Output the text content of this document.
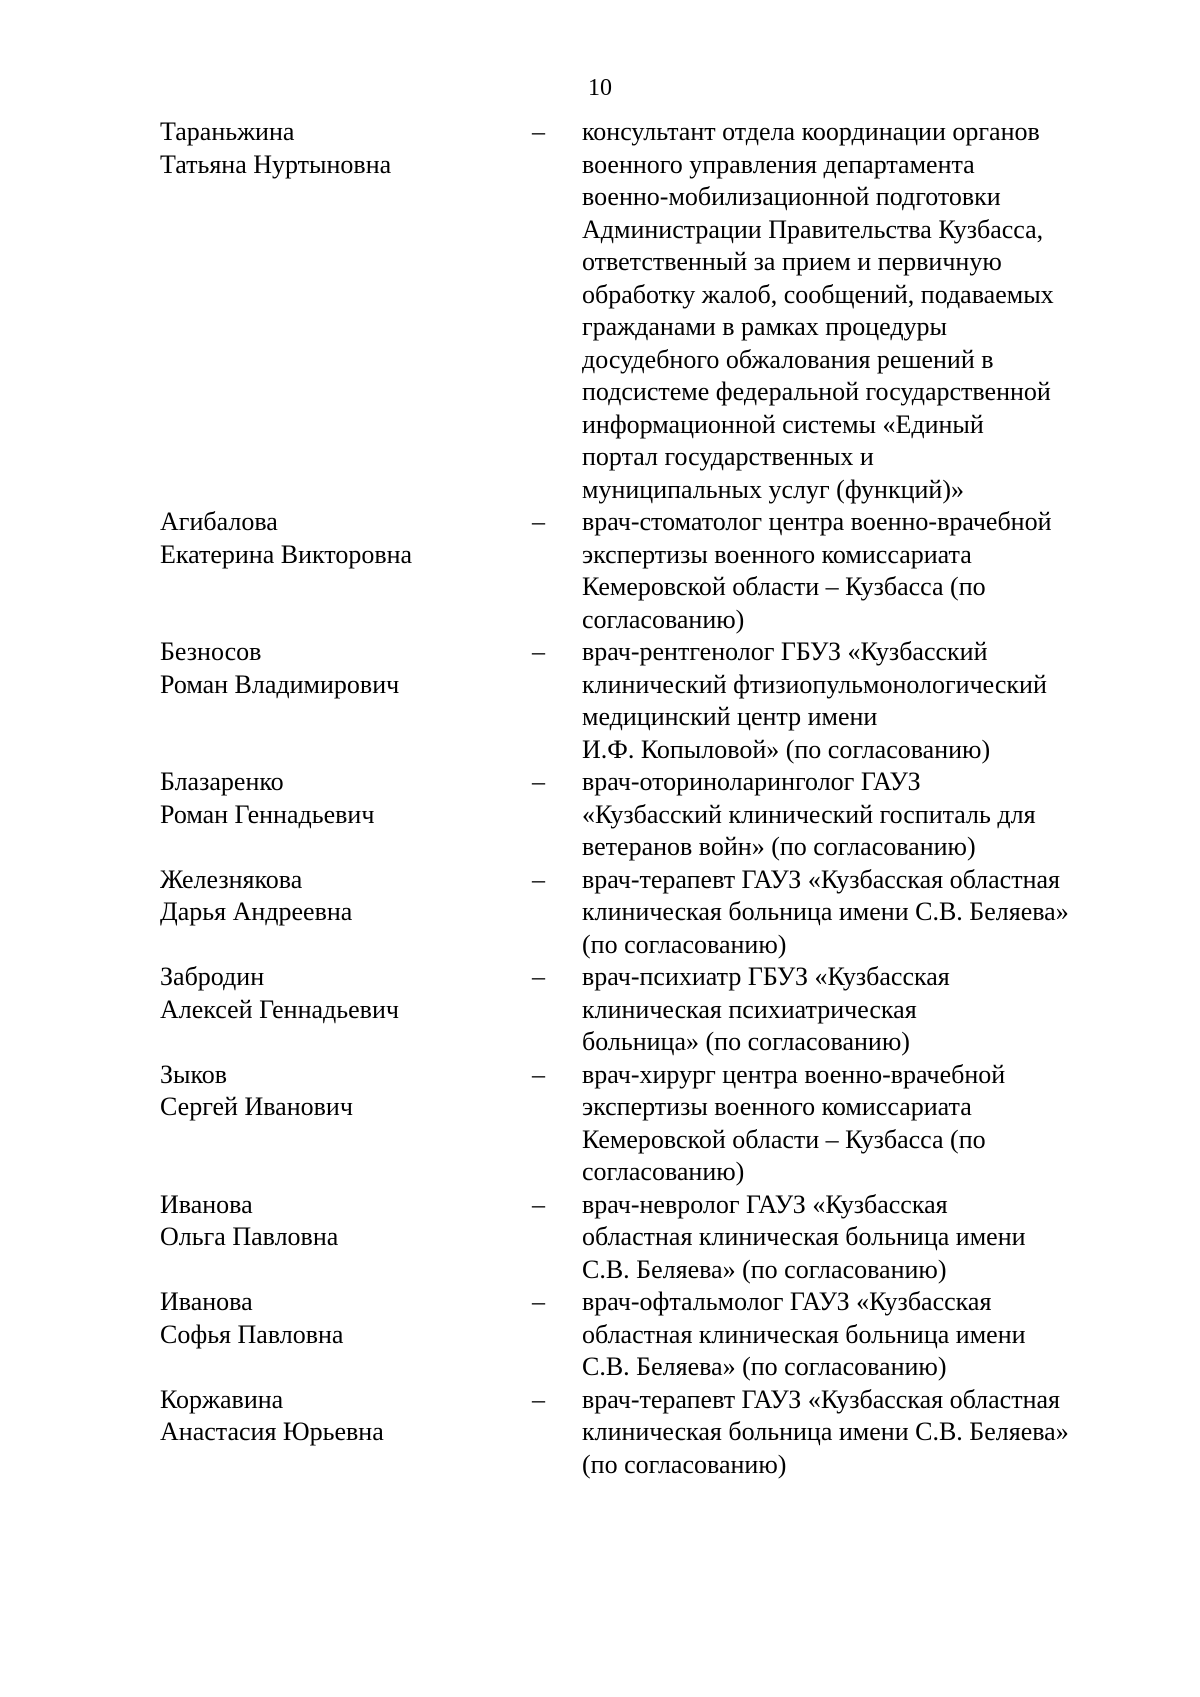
10
Тараньжина
Татьяна Нуртыновна
–	консультант отдела координации органов
военного управления департамента
военно-мобилизационной подготовки
Администрации Правительства Кузбасса,
ответственный за прием и первичную
обработку жалоб, сообщений, подаваемых
гражданами в рамках процедуры
досудебного обжалования решений в
подсистеме федеральной государственной
информационной системы «Единый
портал государственных и
муниципальных услуг (функций)»
Агибалова
Екатерина Викторовна
–	врач-стоматолог центра военно-врачебной
экспертизы военного комиссариата
Кемеровской области – Кузбасса (по
согласованию)
Безносов
Роман Владимирович
–	врач-рентгенолог ГБУЗ «Кузбасский
клинический фтизиопульмонологический
медицинский центр имени
И.Ф. Копыловой» (по согласованию)
Блазаренко
Роман Геннадьевич
–	врач-оториноларинголог ГАУЗ
«Кузбасский клинический госпиталь для
ветеранов войн» (по согласованию)
Железнякова
Дарья Андреевна
–	врач-терапевт ГАУЗ «Кузбасская областная
клиническая больница имени С.В. Беляева»
(по согласованию)
Забродин
Алексей Геннадьевич
–	врач-психиатр ГБУЗ «Кузбасская
клиническая психиатрическая
больница» (по согласованию)
Зыков
Сергей Иванович
–	врач-хирург центра военно-врачебной
экспертизы военного комиссариата
Кемеровской области – Кузбасса (по
согласованию)
Иванова
Ольга Павловна
–	врач-невролог ГАУЗ «Кузбасская
областная клиническая больница имени
С.В. Беляева» (по согласованию)
Иванова
Софья Павловна
–	врач-офтальмолог ГАУЗ «Кузбасская
областная клиническая больница имени
С.В. Беляева» (по согласованию)
Коржавина
Анастасия Юрьевна
–	врач-терапевт ГАУЗ «Кузбасская областная
клиническая больница имени С.В. Беляева»
(по согласованию)
